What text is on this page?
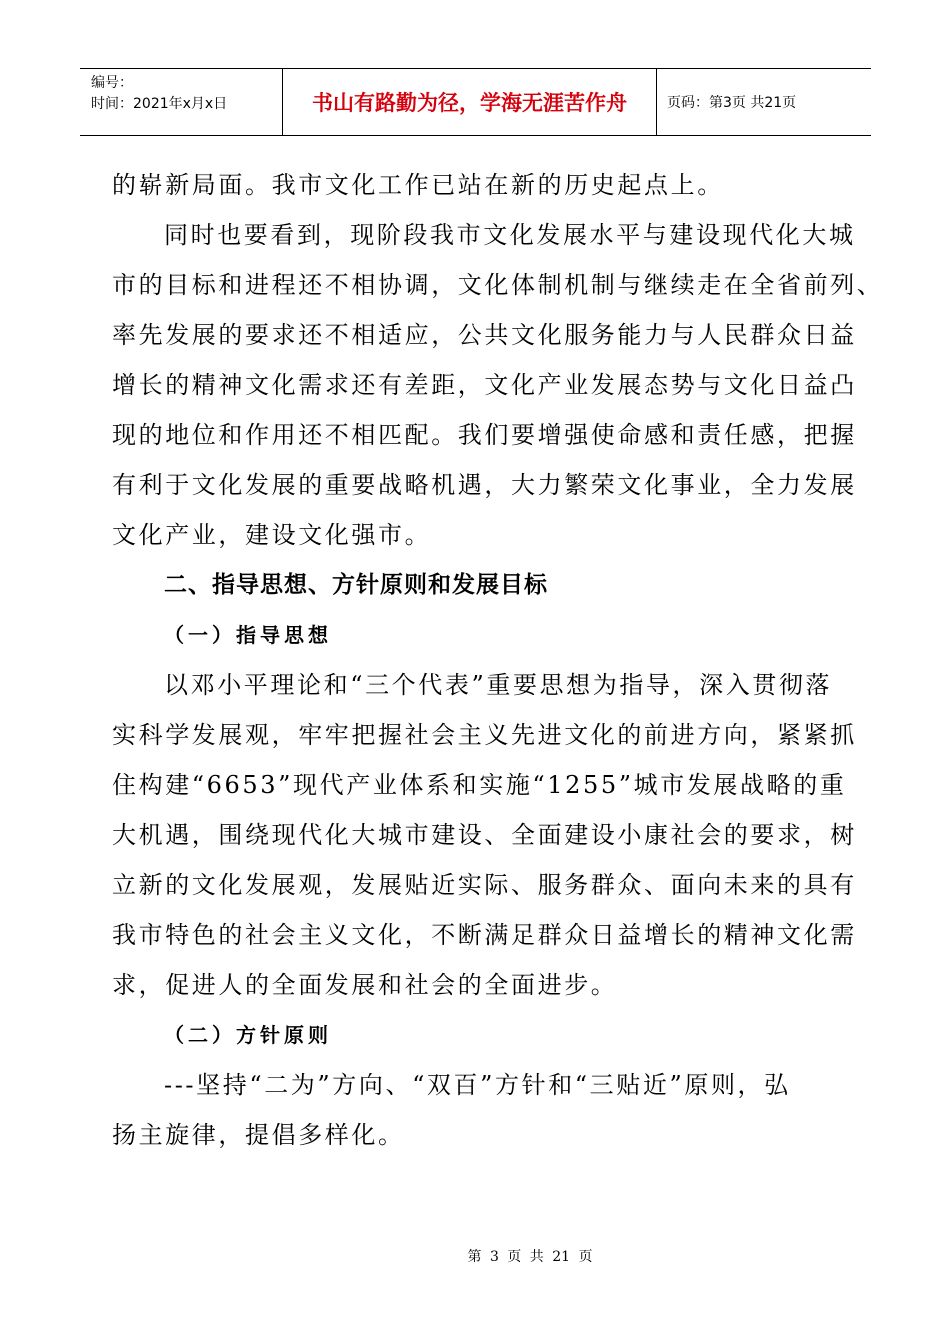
编号：
时间：2021年x月x日	书山有路勤为径，学海无涯苦作舟	页码：第3页 共21页
的崭新局面。我市文化工作已站在新的历史起点上。
同时也要看到，现阶段我市文化发展水平与建设现代化大城
市的目标和进程还不相协调，文化体制机制与继续走在全省前列、
率先发展的要求还不相适应，公共文化服务能力与人民群众日益
增长的精神文化需求还有差距，文化产业发展态势与文化日益凸
现的地位和作用还不相匹配。我们要增强使命感和责任感，把握
有利于文化发展的重要战略机遇，大力繁荣文化事业，全力发展
文化产业，建设文化强市。
二、指导思想、方针原则和发展目标
（一）指导思想
以邓小平理论和“三个代表”重要思想为指导，深入贯彻落
实科学发展观，牢牢把握社会主义先进文化的前进方向，紧紧抓
住构建“6653”现代产业体系和实施“1255”城市发展战略的重
大机遇，围绕现代化大城市建设、全面建设小康社会的要求，树
立新的文化发展观，发展贴近实际、服务群众、面向未来的具有
我市特色的社会主义文化，不断满足群众日益增长的精神文化需
求，促进人的全面发展和社会的全面进步。
（二）方针原则
---坚持“二为”方向、“双百”方针和“三贴近”原则，弘
扬主旋律，提倡多样化。
第 3 页 共 21 页
